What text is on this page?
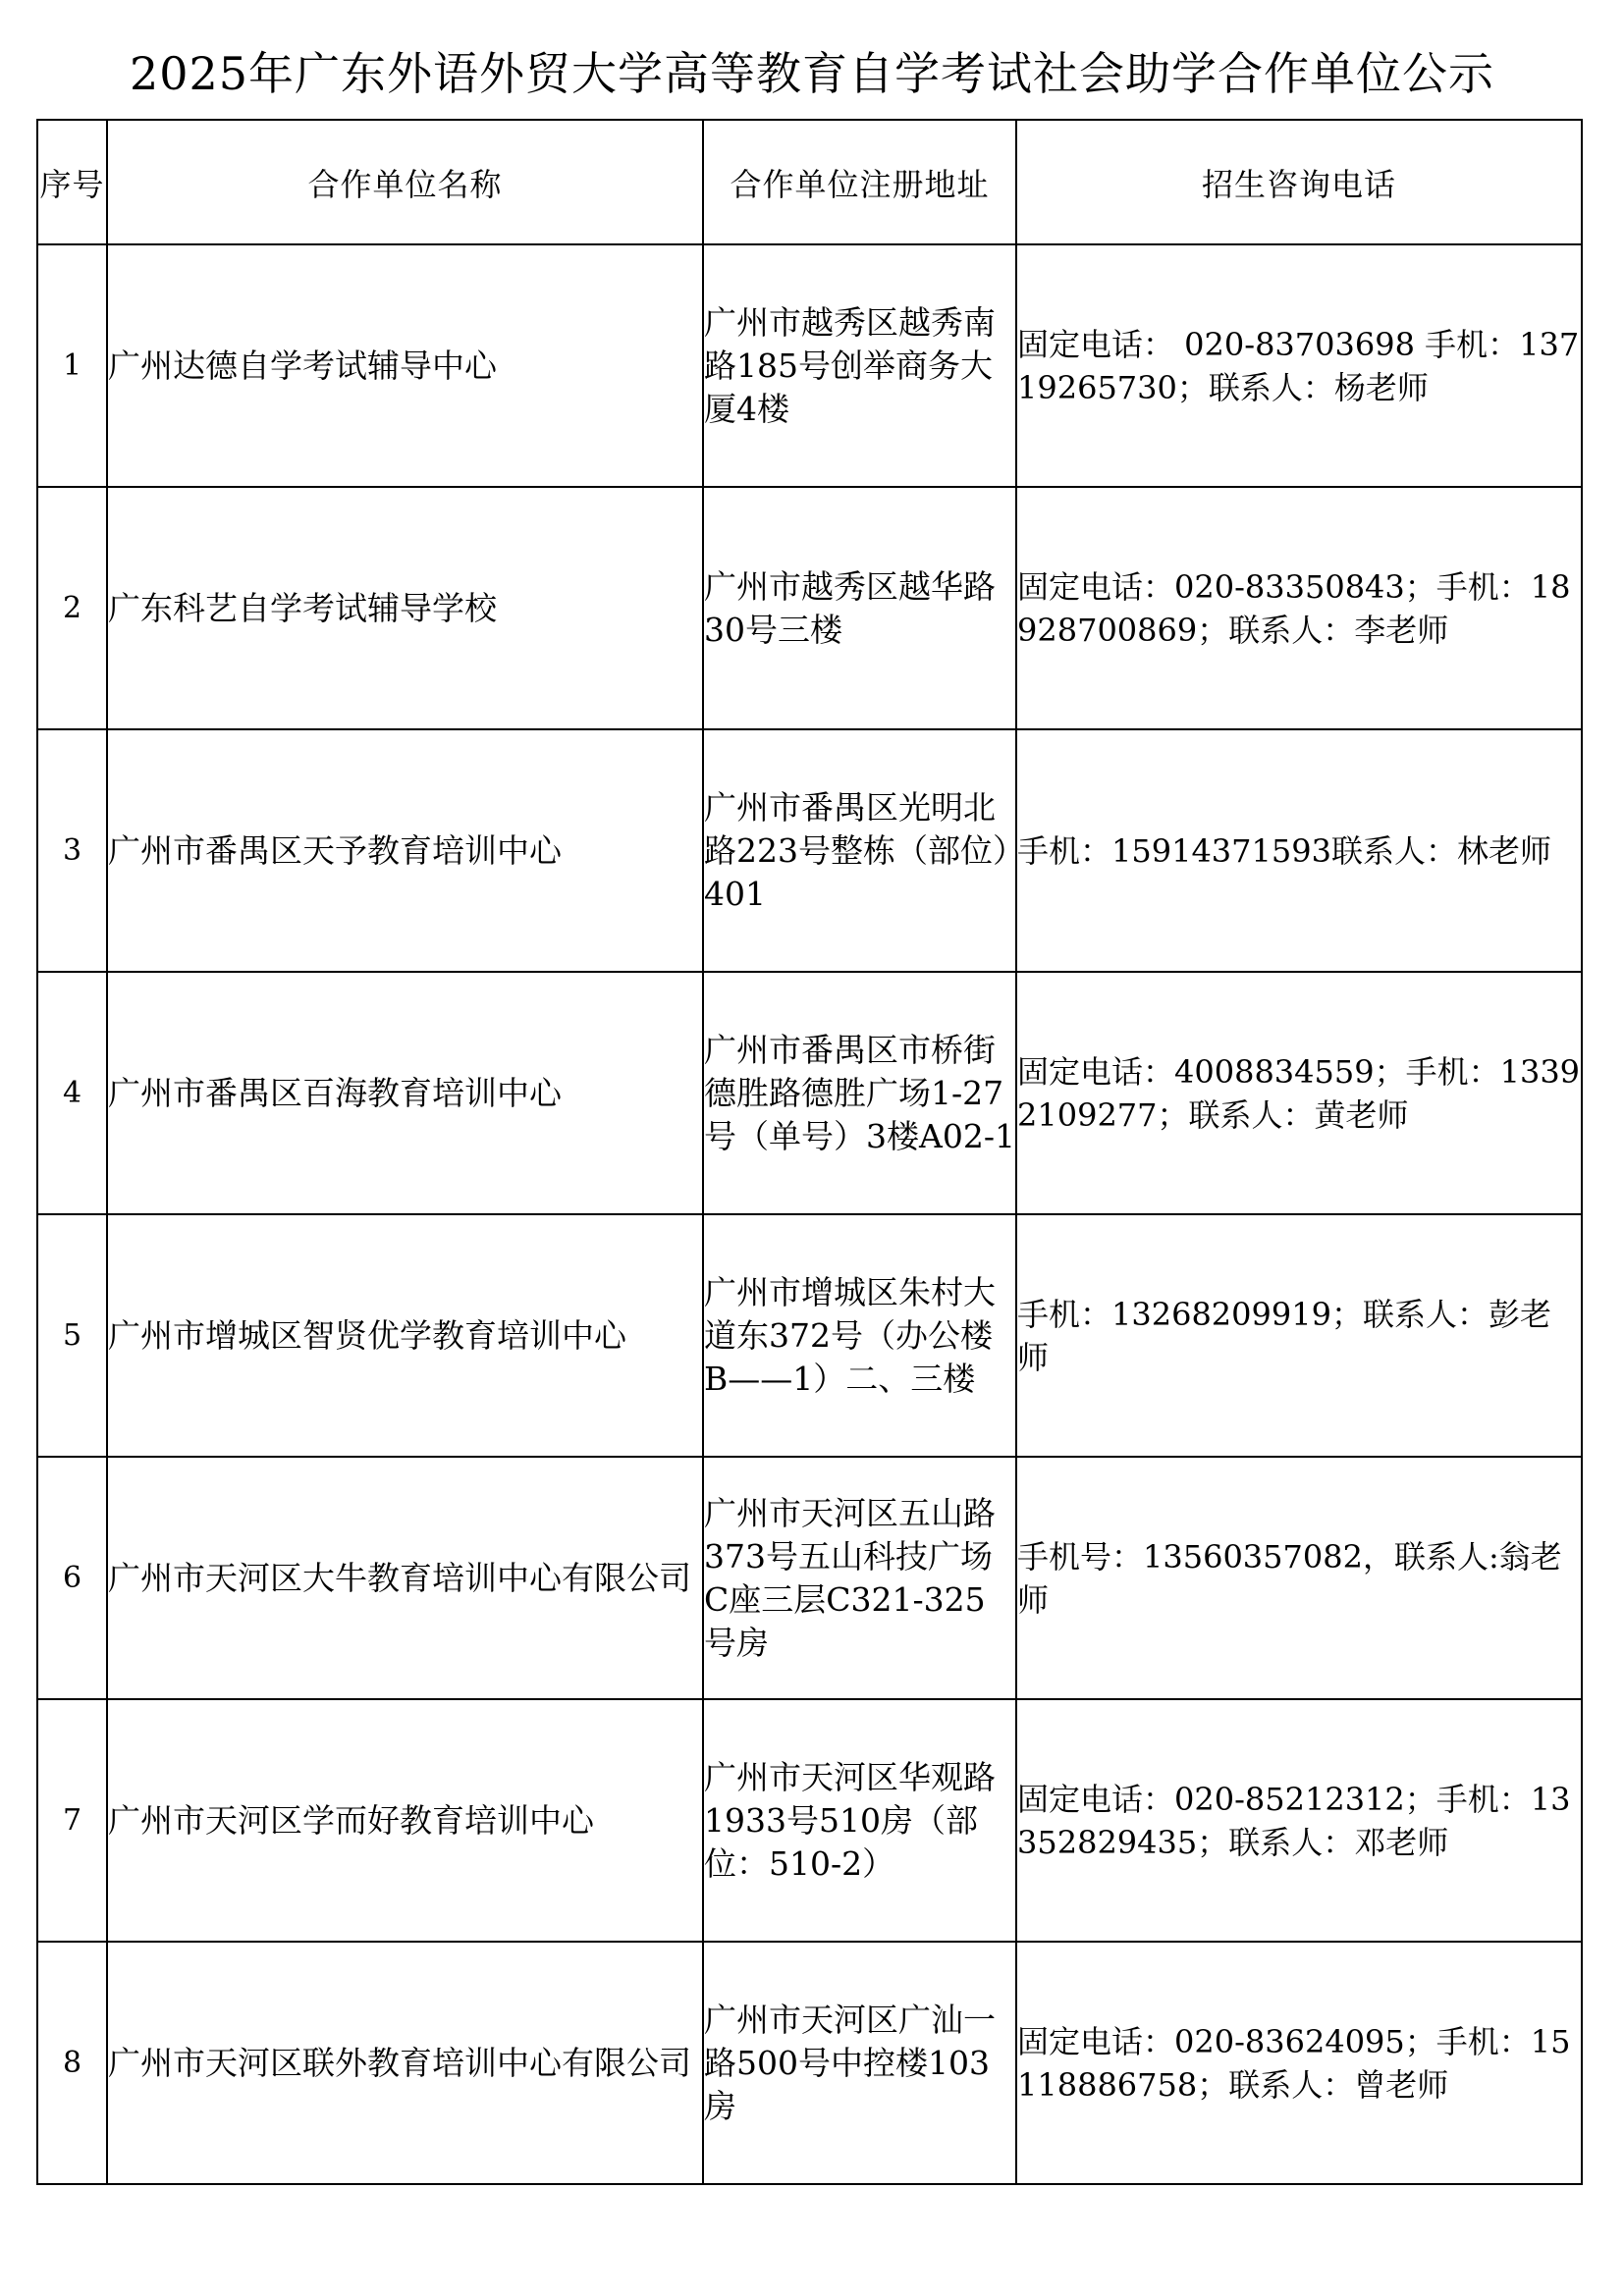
2025年广东外语外贸大学高等教育自学考试社会助学合作单位公示
序号	合作单位名称	合作单位注册地址	招生咨询电话
1	广州达德自学考试辅导中心	广州市越秀区越秀南路185号创举商务大厦4楼	固定电话： 020-83703698 手机：13719265730；联系人：杨老师
2	广东科艺自学考试辅导学校	广州市越秀区越华路30号三楼	固定电话：020-83350843；手机：18928700869；联系人：李老师
3	广州市番禺区天予教育培训中心	广州市番禺区光明北路223号整栋（部位）401	手机：15914371593联系人：林老师
4	广州市番禺区百海教育培训中心	广州市番禺区市桥街德胜路德胜广场1-27号（单号）3楼A02-1	固定电话：4008834559；手机：13392109277；联系人：黄老师
5	广州市增城区智贤优学教育培训中心	广州市增城区朱村大道东372号（办公楼B——1）二、三楼	手机：13268209919；联系人：彭老师
6	广州市天河区大牛教育培训中心有限公司	广州市天河区五山路373号五山科技广场C座三层C321-325号房	手机号：13560357082，联系人:翁老师
7	广州市天河区学而好教育培训中心	广州市天河区华观路1933号510房（部位：510-2）	固定电话：020-85212312；手机：13352829435；联系人：邓老师
8	广州市天河区联外教育培训中心有限公司	广州市天河区广汕一路500号中控楼103房	固定电话：020-83624095；手机：15118886758；联系人：曾老师
